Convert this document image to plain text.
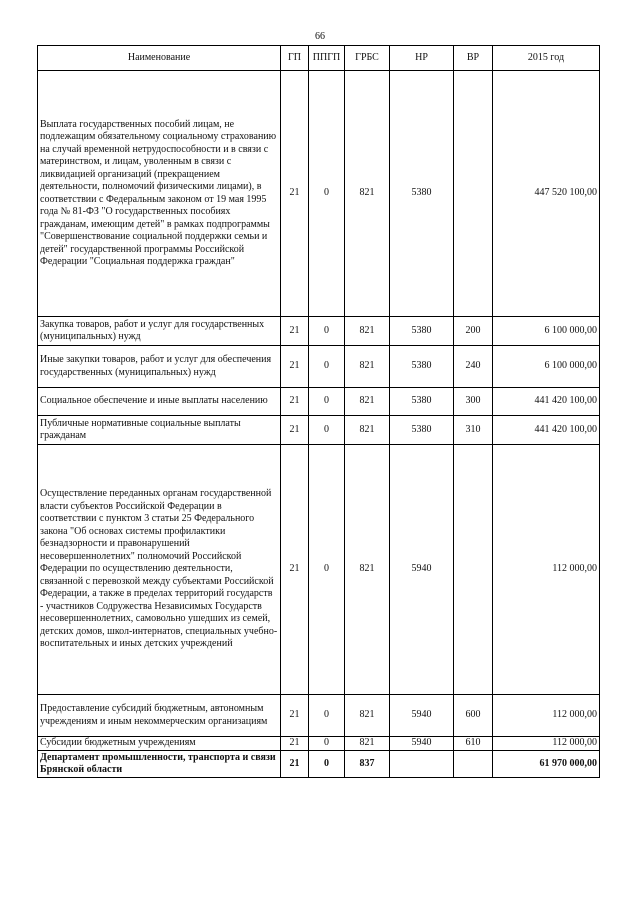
66
Наименование	ГП	ППГП	ГРБС	НР	ВР	2015 год
Выплата государственных пособий лицам, не подлежащим обязательному социальному страхованию на случай временной нетрудоспособности и в связи с материнством, и лицам, уволенным в связи с ликвидацией организаций (прекращением деятельности, полномочий физическими лицами), в соответствии с Федеральным законом от 19 мая 1995 года № 81-ФЗ "О государственных пособиях гражданам, имеющим детей" в рамках подпрограммы "Совершенствование социальной поддержки семьи и детей" государственной программы Российской Федерации "Социальная поддержка граждан"	21	0	821	5380		447 520 100,00
Закупка товаров, работ и услуг для государственных (муниципальных) нужд	21	0	821	5380	200	6 100 000,00
Иные закупки товаров, работ и услуг для обеспечения государственных (муниципальных) нужд	21	0	821	5380	240	6 100 000,00
Социальное обеспечение и иные выплаты населению	21	0	821	5380	300	441 420 100,00
Публичные нормативные социальные выплаты гражданам	21	0	821	5380	310	441 420 100,00
Осуществление переданных органам государственной власти субъектов Российской Федерации в соответствии с пунктом 3 статьи 25 Федерального закона "Об основах системы профилактики безнадзорности и правонарушений несовершеннолетних" полномочий Российской Федерации по осуществлению деятельности, связанной с перевозкой между субъектами Российской Федерации, а также в пределах территорий государств - участников Содружества Независимых Государств несовершеннолетних, самовольно ушедших из семей, детских домов, школ-интернатов, специальных учебно-воспитательных и иных детских учреждений	21	0	821	5940		112 000,00
Предоставление субсидий бюджетным, автономным учреждениям и иным некоммерческим организациям	21	0	821	5940	600	112 000,00
Субсидии бюджетным учреждениям	21	0	821	5940	610	112 000,00
Департамент промышленности, транспорта и связи Брянской области	21	0	837			61 970 000,00
